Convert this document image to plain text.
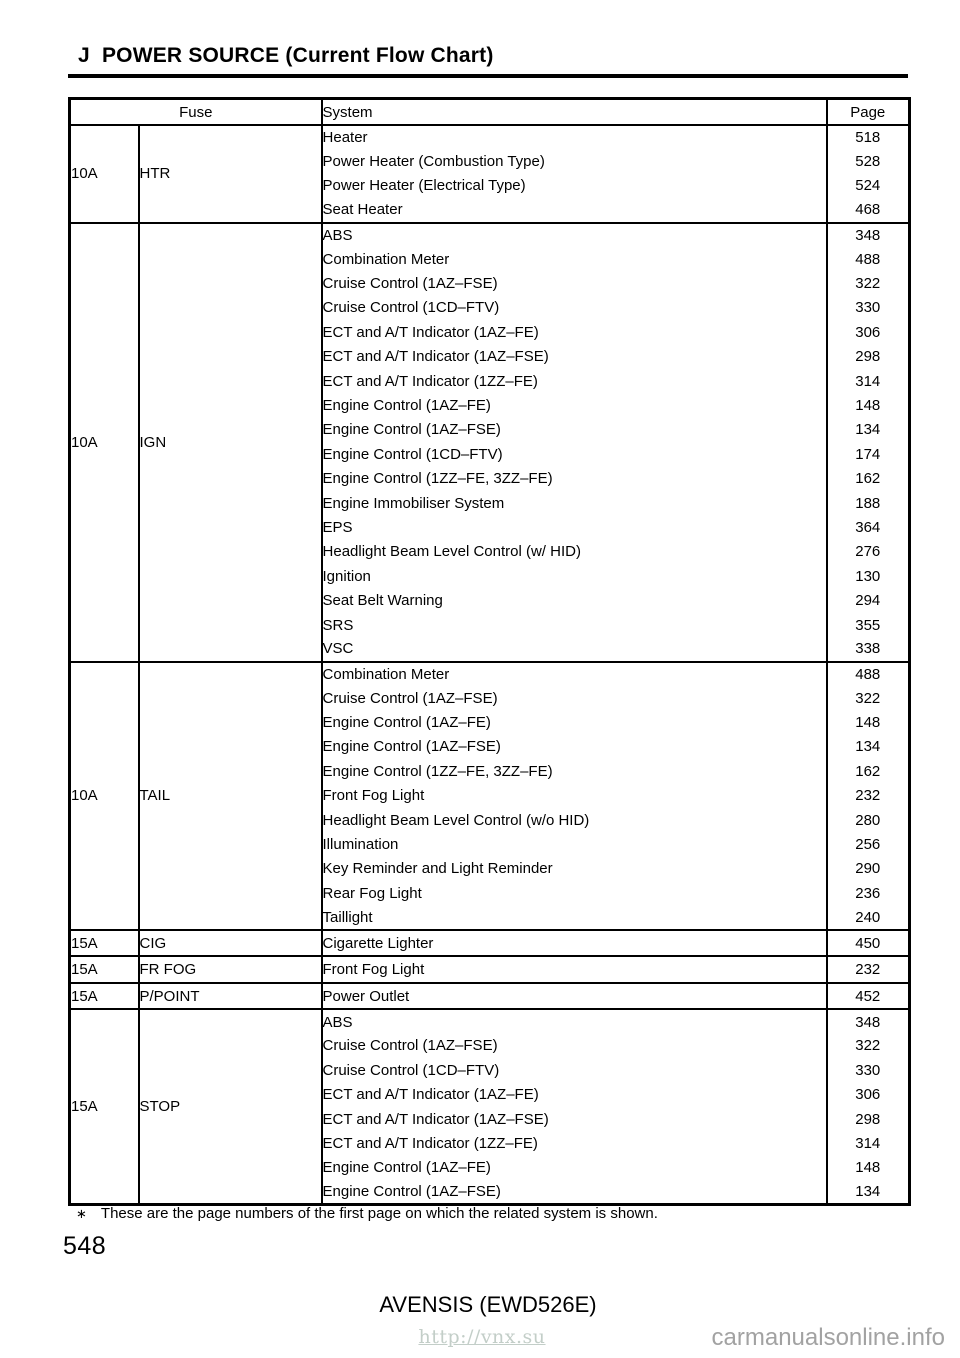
J  POWER SOURCE (Current Flow Chart)
Fuse		System	Page
10A	HTR	Heater	518
		Power Heater (Combustion Type)	528
		Power Heater (Electrical Type)	524
		Seat Heater	468
10A	IGN	ABS	348
		Combination Meter	488
		Cruise Control (1AZ–FSE)	322
		Cruise Control (1CD–FTV)	330
		ECT and A/T Indicator (1AZ–FE)	306
		ECT and A/T Indicator (1AZ–FSE)	298
		ECT and A/T Indicator (1ZZ–FE)	314
		Engine Control (1AZ–FE)	148
		Engine Control (1AZ–FSE)	134
		Engine Control (1CD–FTV)	174
		Engine Control (1ZZ–FE, 3ZZ–FE)	162
		Engine Immobiliser System	188
		EPS	364
		Headlight Beam Level Control (w/ HID)	276
		Ignition	130
		Seat Belt Warning	294
		SRS	355
		VSC	338
10A	TAIL	Combination Meter	488
		Cruise Control (1AZ–FSE)	322
		Engine Control (1AZ–FE)	148
		Engine Control (1AZ–FSE)	134
		Engine Control (1ZZ–FE, 3ZZ–FE)	162
		Front Fog Light	232
		Headlight Beam Level Control (w/o HID)	280
		Illumination	256
		Key Reminder and Light Reminder	290
		Rear Fog Light	236
		Taillight	240
15A	CIG	Cigarette Lighter	450
15A	FR FOG	Front Fog Light	232
15A	P/POINT	Power Outlet	452
15A	STOP	ABS	348
		Cruise Control (1AZ–FSE)	322
		Cruise Control (1CD–FTV)	330
		ECT and A/T Indicator (1AZ–FE)	306
		ECT and A/T Indicator (1AZ–FSE)	298
		ECT and A/T Indicator (1ZZ–FE)	314
		Engine Control (1AZ–FE)	148
		Engine Control (1AZ–FSE)	134
∗ These are the page numbers of the first page on which the related system is shown.
548
AVENSIS (EWD526E)
http://vnx.su	carmanualsonline.info
